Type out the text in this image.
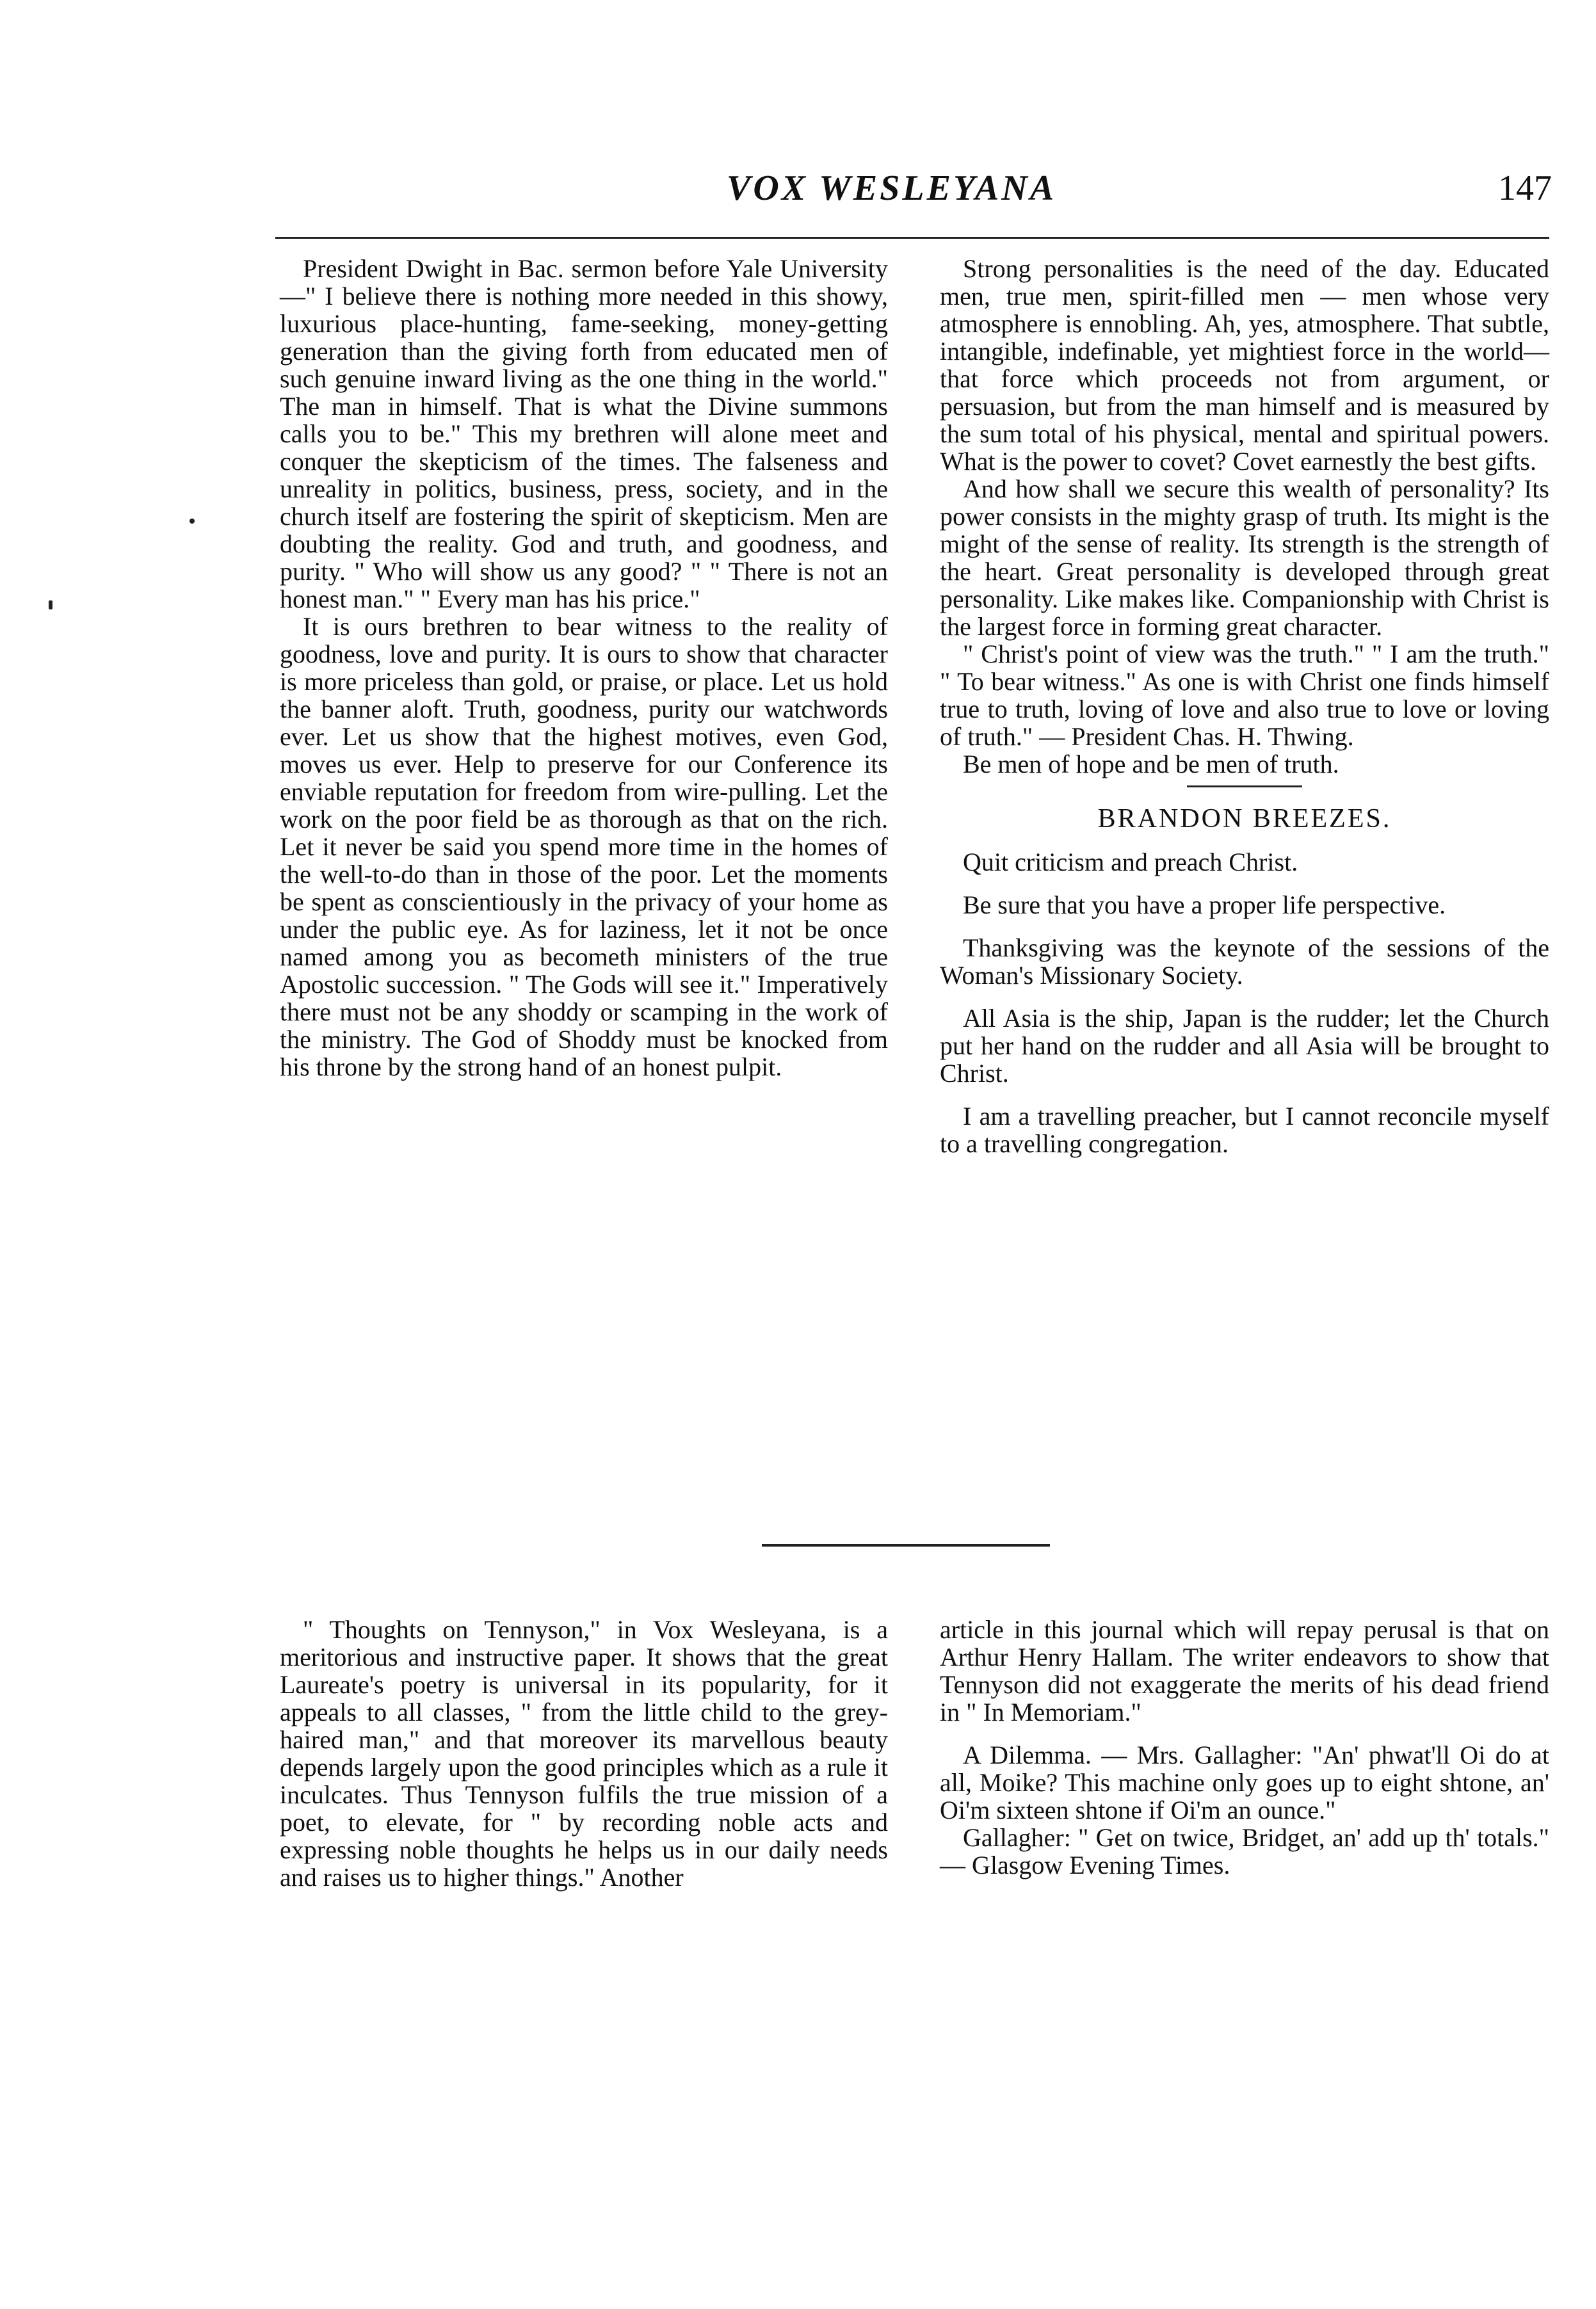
VOX WESLEYANA	147

President Dwight in Bac. sermon before Yale University—" I believe there is nothing more needed in this showy, luxurious place-hunting, fame-seeking, money-getting generation than the giving forth from educated men of such genuine inward living as the one thing in the world." The man in himself. That is what the Divine summons calls you to be." This my brethren will alone meet and conquer the skepticism of the times. The falseness and unreality in politics, business, press, society, and in the church itself are fostering the spirit of skepticism. Men are doubting the reality. God and truth, and goodness, and purity. " Who will show us any good? " " There is not an honest man." " Every man has his price."

It is ours brethren to bear witness to the reality of goodness, love and purity. It is ours to show that character is more priceless than gold, or praise, or place. Let us hold the banner aloft. Truth, goodness, purity our watchwords ever. Let us show that the highest motives, even God, moves us ever. Help to preserve for our Conference its enviable reputation for freedom from wire-pulling. Let the work on the poor field be as thorough as that on the rich. Let it never be said you spend more time in the homes of the well-to-do than in those of the poor. Let the moments be spent as conscientiously in the privacy of your home as under the public eye. As for laziness, let it not be once named among you as becometh ministers of the true Apostolic succession. " The Gods will see it." Imperatively there must not be any shoddy or scamping in the work of the ministry. The God of Shoddy must be knocked from his throne by the strong hand of an honest pulpit.

Strong personalities is the need of the day. Educated men, true men, spirit-filled men — men whose very atmosphere is ennobling. Ah, yes, atmosphere. That subtle, intangible, indefinable, yet mightiest force in the world—that force which proceeds not from argument, or persuasion, but from the man himself and is measured by the sum total of his physical, mental and spiritual powers. What is the power to covet? Covet earnestly the best gifts.

And how shall we secure this wealth of personality? Its power consists in the mighty grasp of truth. Its might is the might of the sense of reality. Its strength is the strength of the heart. Great personality is developed through great personality. Like makes like. Companionship with Christ is the largest force in forming great character.

" Christ's point of view was the truth." " I am the truth." " To bear witness." As one is with Christ one finds himself true to truth, loving of love and also true to love or loving of truth." — President Chas. H. Thwing.

Be men of hope and be men of truth.

BRANDON BREEZES.

Quit criticism and preach Christ.

Be sure that you have a proper life perspective.

Thanksgiving was the keynote of the sessions of the Woman's Missionary Society.

All Asia is the ship, Japan is the rudder; let the Church put her hand on the rudder and all Asia will be brought to Christ.

I am a travelling preacher, but I cannot reconcile myself to a travelling congregation.

" Thoughts on Tennyson," in Vox Wesleyana, is a meritorious and instructive paper. It shows that the great Laureate's poetry is universal in its popularity, for it appeals to all classes, " from the little child to the grey-haired man," and that moreover its marvellous beauty depends largely upon the good principles which as a rule it inculcates. Thus Tennyson fulfils the true mission of a poet, to elevate, for " by recording noble acts and expressing noble thoughts he helps us in our daily needs and raises us to higher things." Another

article in this journal which will repay perusal is that on Arthur Henry Hallam. The writer endeavors to show that Tennyson did not exaggerate the merits of his dead friend in " In Memoriam."

A Dilemma. — Mrs. Gallagher: "An' phwat'll Oi do at all, Moike? This machine only goes up to eight shtone, an' Oi'm sixteen shtone if Oi'm an ounce."

Gallagher: " Get on twice, Bridget, an' add up th' totals." — Glasgow Evening Times.
